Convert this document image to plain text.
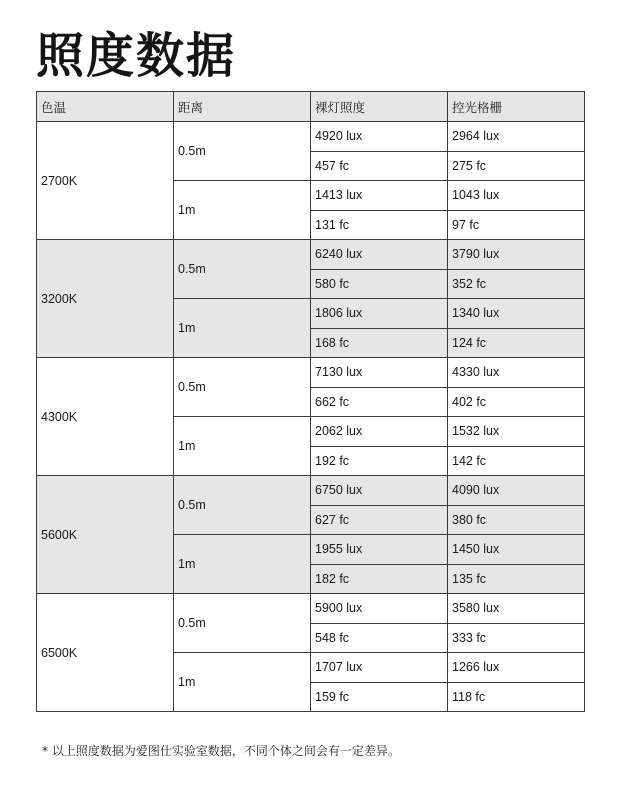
照度数据
色温	距离	裸灯照度	控光格栅
2700K	0.5m	4920 lux	2964 lux
		457 fc	275 fc
	1m	1413 lux	1043 lux
		131 fc	97 fc
3200K	0.5m	6240 lux	3790 lux
		580 fc	352 fc
	1m	1806 lux	1340 lux
		168 fc	124 fc
4300K	0.5m	7130 lux	4330 lux
		662 fc	402 fc
	1m	2062 lux	1532 lux
		192 fc	142 fc
5600K	0.5m	6750 lux	4090 lux
		627 fc	380 fc
	1m	1955 lux	1450 lux
		182 fc	135 fc
6500K	0.5m	5900 lux	3580 lux
		548 fc	333 fc
	1m	1707 lux	1266 lux
		159 fc	118 fc
* 以上照度数据为爱图仕实验室数据，不同个体之间会有一定差异。
